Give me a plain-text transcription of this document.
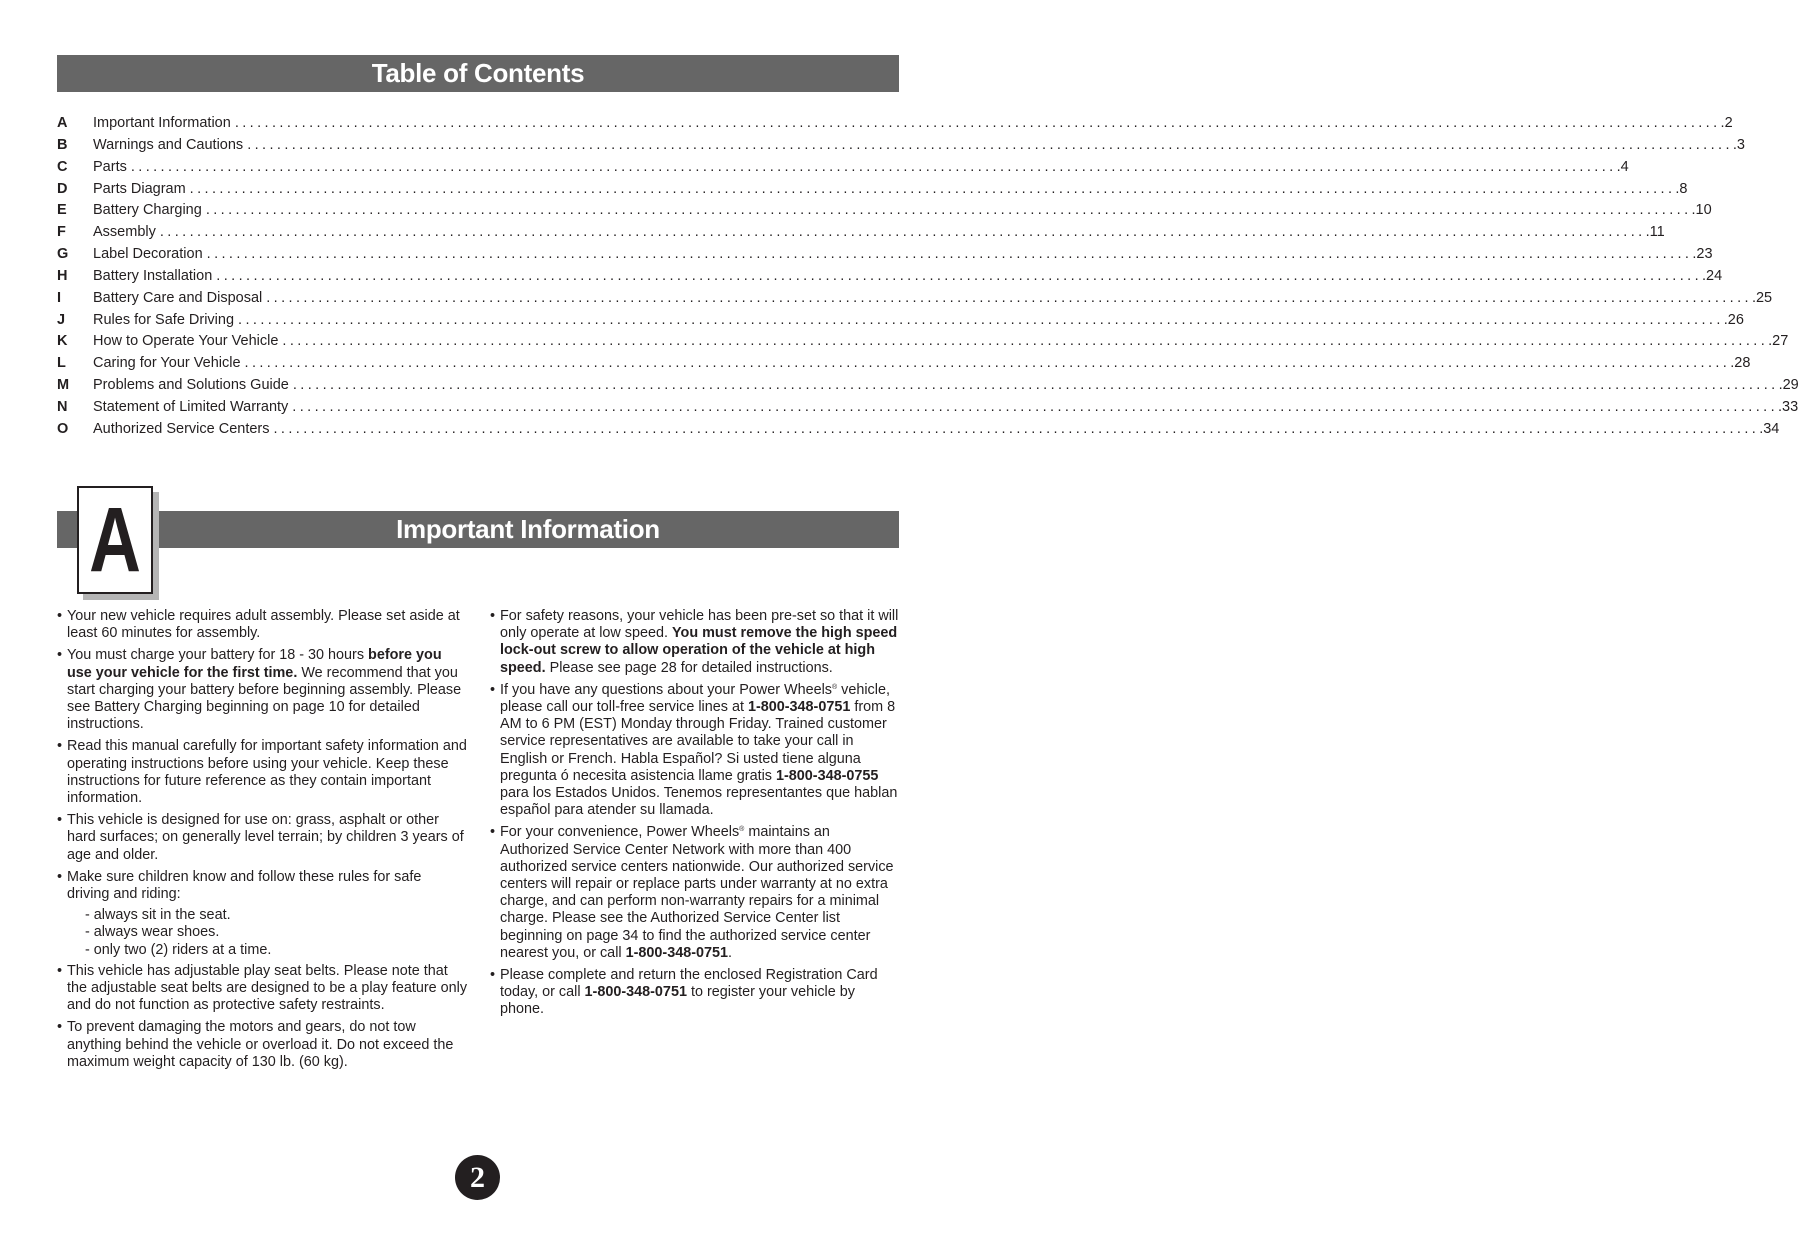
Table of Contents
A	Important Information ........................................................................................................................................................................................................ .2
B	Warnings and Cautions ........................................................................................................................................................................................................ .3
C	Parts ........................................................................................................................................................................................................ .4
D	Parts Diagram ........................................................................................................................................................................................................ .8
E	Battery Charging ........................................................................................................................................................................................................ .10
F	Assembly ........................................................................................................................................................................................................ .11
G	Label Decoration ........................................................................................................................................................................................................ .23
H	Battery Installation ........................................................................................................................................................................................................ .24
I	Battery Care and Disposal ........................................................................................................................................................................................................ .25
J	Rules for Safe Driving ........................................................................................................................................................................................................ .26
K	How to Operate Your Vehicle ........................................................................................................................................................................................................ .27
L	Caring for Your Vehicle ........................................................................................................................................................................................................ .28
M	Problems and Solutions Guide ........................................................................................................................................................................................................ .29
N	Statement of Limited Warranty ........................................................................................................................................................................................................ .33
O	Authorized Service Centers ........................................................................................................................................................................................................ .34
Important Information
A

• Your new vehicle requires adult assembly. Please set aside at least 60 minutes for assembly.

• You must charge your battery for 18 - 30 hours before you use your vehicle for the first time. We recommend that you start charging your battery before beginning assembly. Please see Battery Charging beginning on page 10 for detailed instructions.

• Read this manual carefully for important safety information and operating instructions before using your vehicle. Keep these instructions for future reference as they contain important information.

• This vehicle is designed for use on: grass, asphalt or other hard surfaces; on generally level terrain; by children 3 years of age and older.

• Make sure children know and follow these rules for safe driving and riding:

- always sit in the seat.
- always wear shoes.
- only two (2) riders at a time.

• This vehicle has adjustable play seat belts. Please note that the adjustable seat belts are designed to be a play feature only and do not function as protective safety restraints.

• To prevent damaging the motors and gears, do not tow anything behind the vehicle or overload it. Do not exceed the maximum weight capacity of 130 lb. (60 kg).

• For safety reasons, your vehicle has been pre-set so that it will only operate at low speed. You must remove the high speed lock-out screw to allow operation of the vehicle at high speed. Please see page 28 for detailed instructions.

• If you have any questions about your Power Wheels® vehicle, please call our toll-free service lines at 1-800-348-0751 from 8 AM to 6 PM (EST) Monday through Friday. Trained customer service representatives are available to take your call in English or French. Habla Español? Si usted tiene alguna pregunta ó necesita asistencia llame gratis 1-800-348-0755 para los Estados Unidos. Tenemos representantes que hablan español para atender su llamada.

• For your convenience, Power Wheels® maintains an Authorized Service Center Network with more than 400 authorized service centers nationwide. Our authorized service centers will repair or replace parts under warranty at no extra charge, and can perform non-warranty repairs for a minimal charge. Please see the Authorized Service Center list beginning on page 34 to find the authorized service center nearest you, or call 1-800-348-0751.

• Please complete and return the enclosed Registration Card today, or call 1-800-348-0751 to register your vehicle by phone.

2
